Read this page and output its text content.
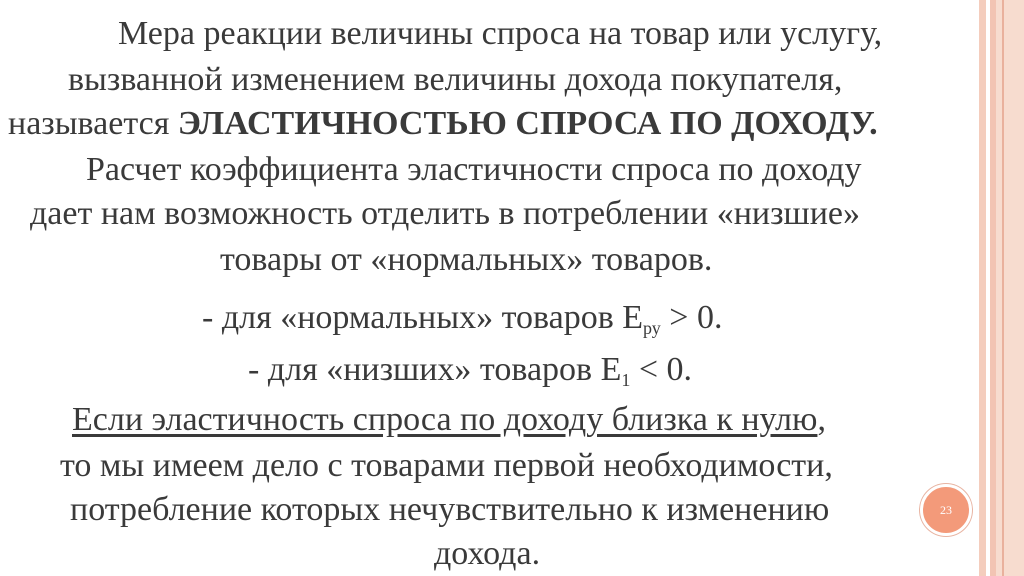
Мера реакции величины спроса на товар или услугу,
вызванной изменением величины дохода покупателя,
называется ЭЛАСТИЧНОСТЬЮ СПРОСА ПО ДОХОДУ.
Расчет коэффициента эластичности спроса по доходу
дает нам возможность отделить в потреблении «низшие»
товары от «нормальных» товаров.
- для «нормальных» товаров $E_{ру} > 0$.
- для «низших» товаров $E_1 < 0$.
Если эластичность спроса по доходу близка к нулю,
то мы имеем дело с товарами первой необходимости,
потребление которых нечувствительно к изменению
дохода.
23
